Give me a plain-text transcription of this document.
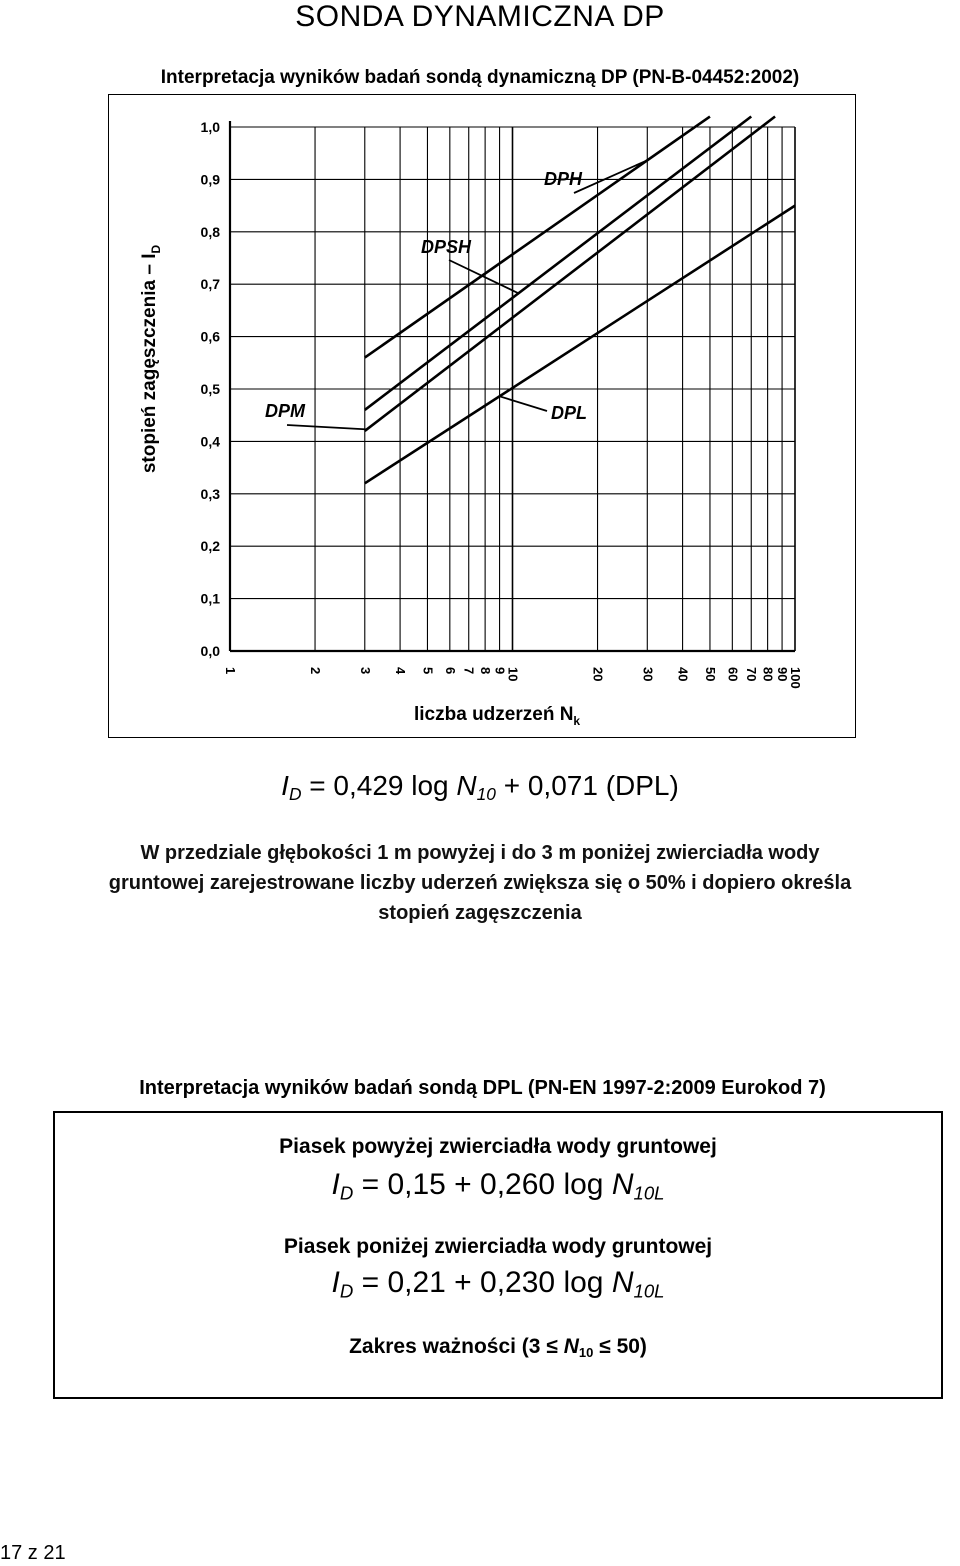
SONDA DYNAMICZNA DP
Interpretacja wyników badań sondą dynamiczną DP (PN-B-04452:2002)
0,0
0,1
0,2
0,3
0,4
0,5
0,6
0,7
0,8
0,9
1,0
1	2	3 4 5 6 7 8 9
10	20	30 40 50 60 70 80 90
100
stopień zagęszczenia – $I_D$
liczba udzerzeń $N_k$
DPH
DPSH
DPM	DPL
$I_D = 0,429$ $\log N_{10} + 0,071$ (DPL)
W przedziale głębokości 1 m powyżej i do 3 m poniżej zwierciadła wody
gruntowej zarejestrowane liczby uderzeń zwiększa się o 50% i dopiero określa
stopień zagęszczenia
Interpretacja wyników badań sondą DPL (PN-EN 1997-2:2009 Eurokod 7)
Piasek powyżej zwierciadła wody gruntowej
$I_D = 0,15 + 0,260$ $\log N_{10L}$
Piasek poniżej zwierciadła wody gruntowej
$I_D = 0,21 + 0,230$ $\log N_{10L}$
Zakres ważności $(3 \le N_{10} \le 50)$
17 z 21
